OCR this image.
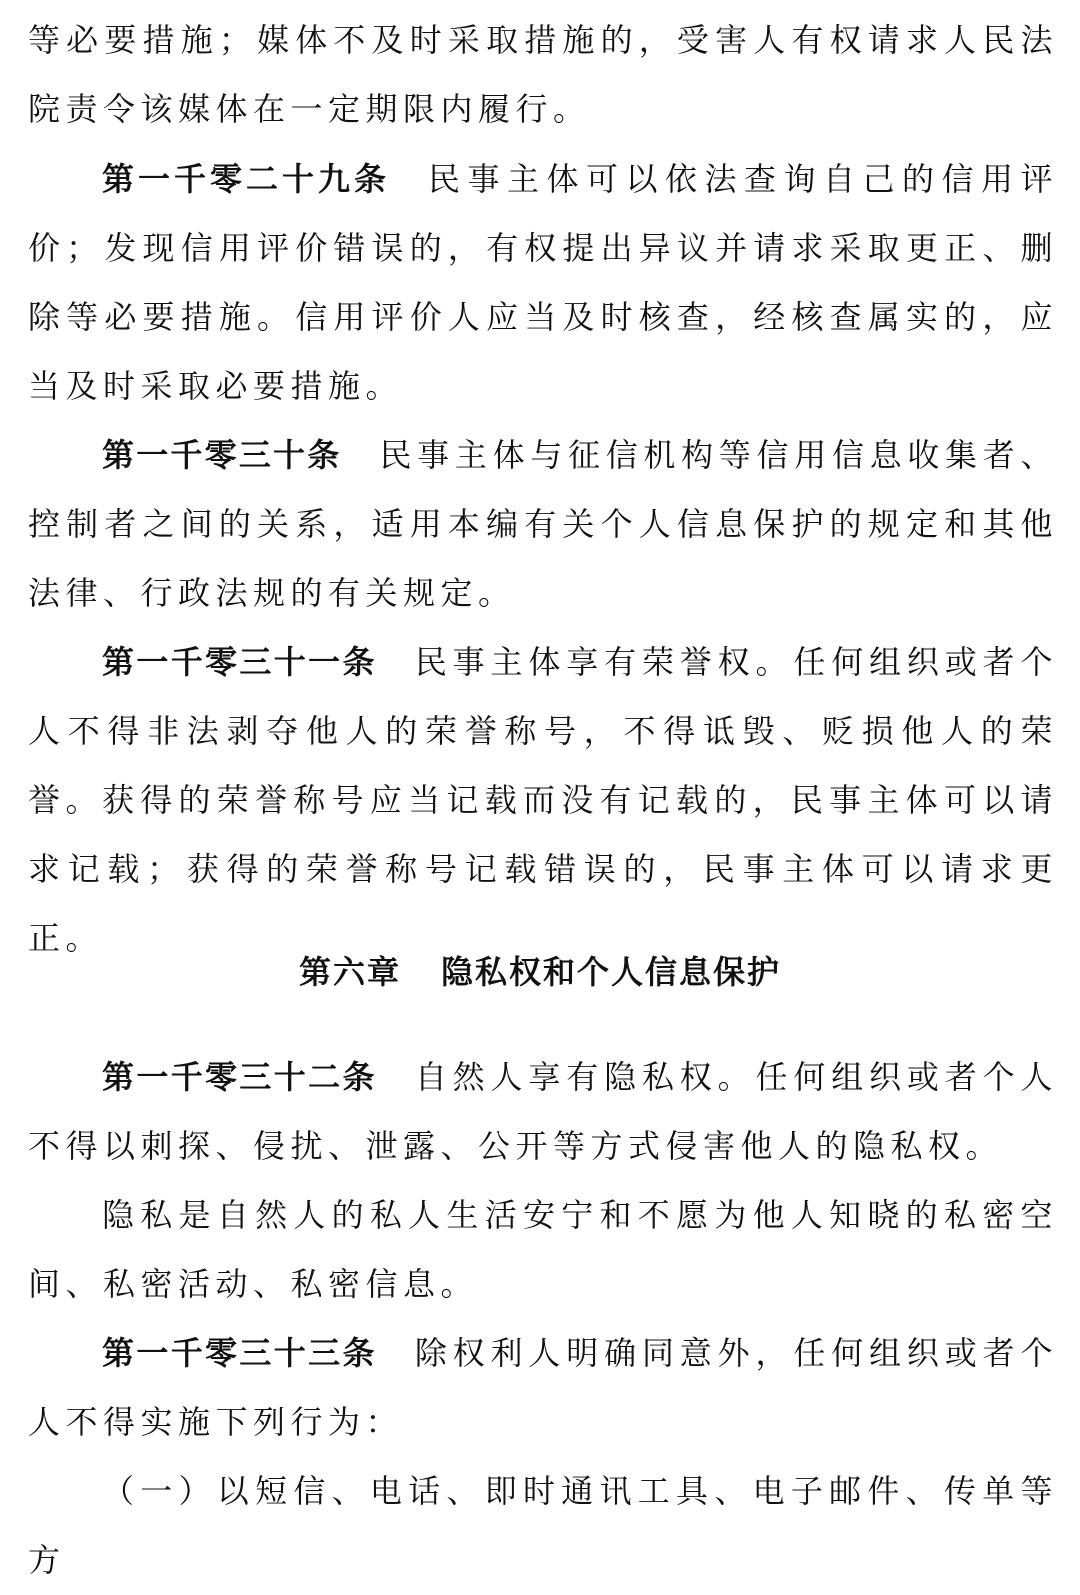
等必要措施；媒体不及时采取措施的，受害人有权请求人民法院责令该媒体在一定期限内履行。

第一千零二十九条 民事主体可以依法查询自己的信用评价；发现信用评价错误的，有权提出异议并请求采取更正、删除等必要措施。信用评价人应当及时核查，经核查属实的，应当及时采取必要措施。

第一千零三十条 民事主体与征信机构等信用信息收集者、控制者之间的关系，适用本编有关个人信息保护的规定和其他法律、行政法规的有关规定。

第一千零三十一条 民事主体享有荣誉权。任何组织或者个人不得非法剥夺他人的荣誉称号，不得诋毁、贬损他人的荣誉。

获得的荣誉称号应当记载而没有记载的，民事主体可以请求记载；获得的荣誉称号记载错误的，民事主体可以请求更正。

第六章 隐私权和个人信息保护

第一千零三十二条 自然人享有隐私权。任何组织或者个人不得以刺探、侵扰、泄露、公开等方式侵害他人的隐私权。

隐私是自然人的私人生活安宁和不愿为他人知晓的私密空间、私密活动、私密信息。

第一千零三十三条 除权利人明确同意外，任何组织或者个人不得实施下列行为：

（一）以短信、电话、即时通讯工具、电子邮件、传单等方
